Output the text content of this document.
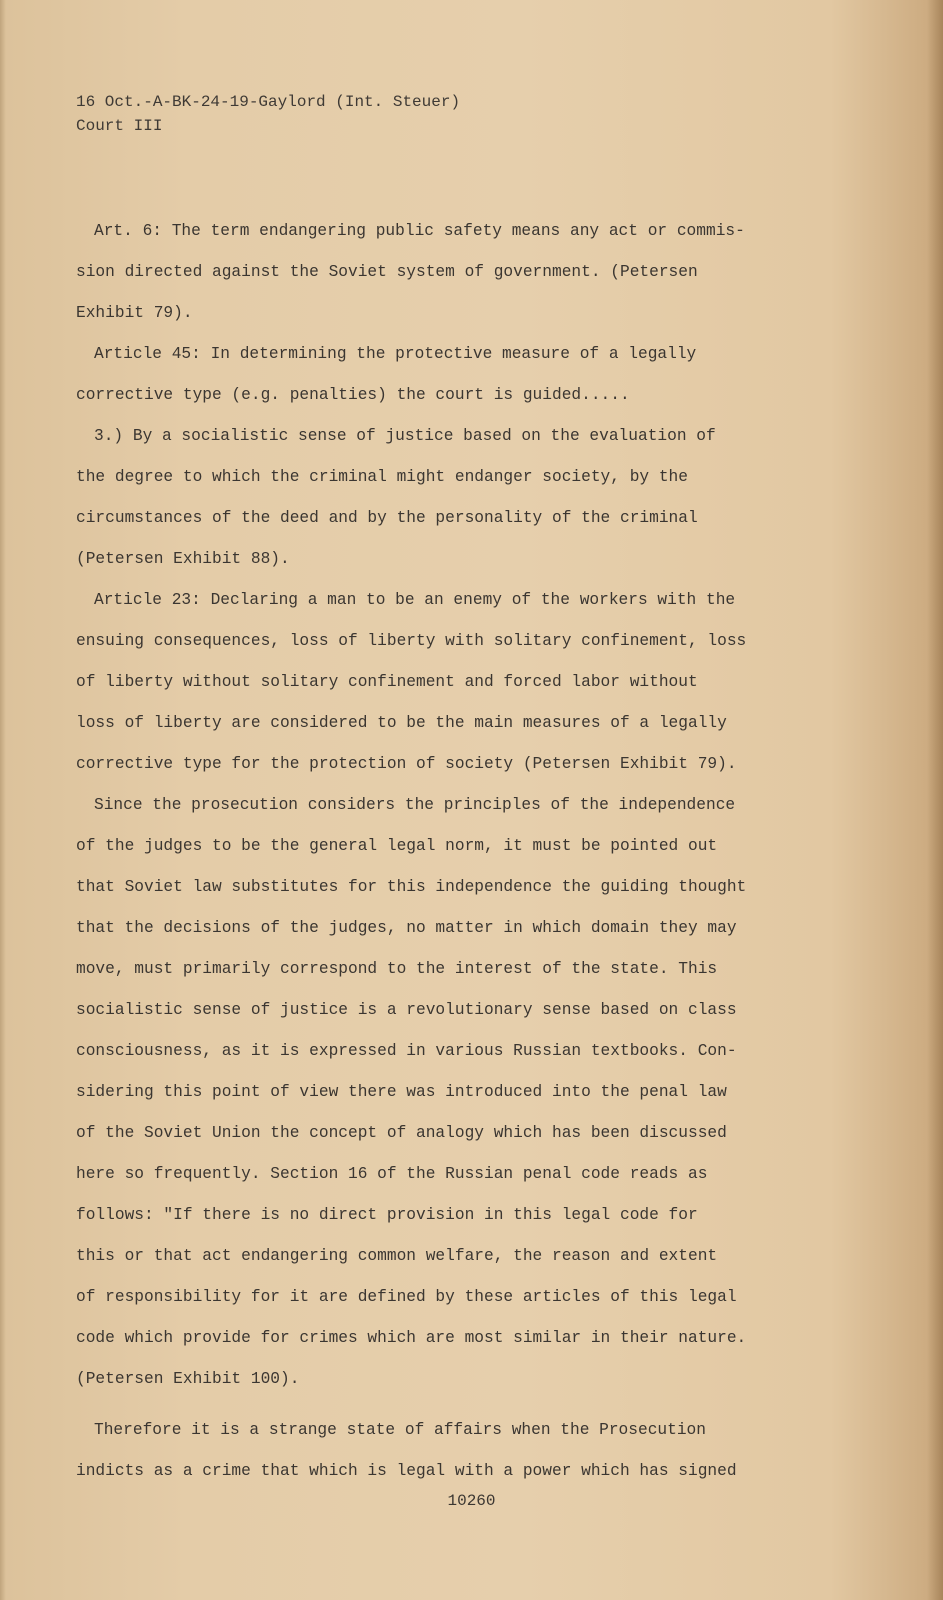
16 Oct.-A-BK-24-19-Gaylord (Int. Steuer)
Court III
Art. 6: The term endangering public safety means any act or commis-
sion directed against the Soviet system of government. (Petersen
Exhibit 79).
Article 45: In determining the protective measure of a legally
corrective type (e.g. penalties) the court is guided.....
3.) By a socialistic sense of justice based on the evaluation of
the degree to which the criminal might endanger society, by the
circumstances of the deed and by the personality of the criminal
(Petersen Exhibit 88).
Article 23: Declaring a man to be an enemy of the workers with the
ensuing consequences, loss of liberty with solitary confinement, loss
of liberty without solitary confinement and forced labor without
loss of liberty are considered to be the main measures of a legally
corrective type for the protection of society (Petersen Exhibit 79).
Since the prosecution considers the principles of the independence
of the judges to be the general legal norm, it must be pointed out
that Soviet law substitutes for this independence the guiding thought
that the decisions of the judges, no matter in which domain they may
move, must primarily correspond to the interest of the state. This
socialistic sense of justice is a revolutionary sense based on class
consciousness, as it is expressed in various Russian textbooks. Con-
sidering this point of view there was introduced into the penal law
of the Soviet Union the concept of analogy which has been discussed
here so frequently. Section 16 of the Russian penal code reads as
follows: "If there is no direct provision in this legal code for
this or that act endangering common welfare, the reason and extent
of responsibility for it are defined by these articles of this legal
code which provide for crimes which are most similar in their nature.
(Petersen Exhibit 100).
Therefore it is a strange state of affairs when the Prosecution
indicts as a crime that which is legal with a power which has signed
10260
